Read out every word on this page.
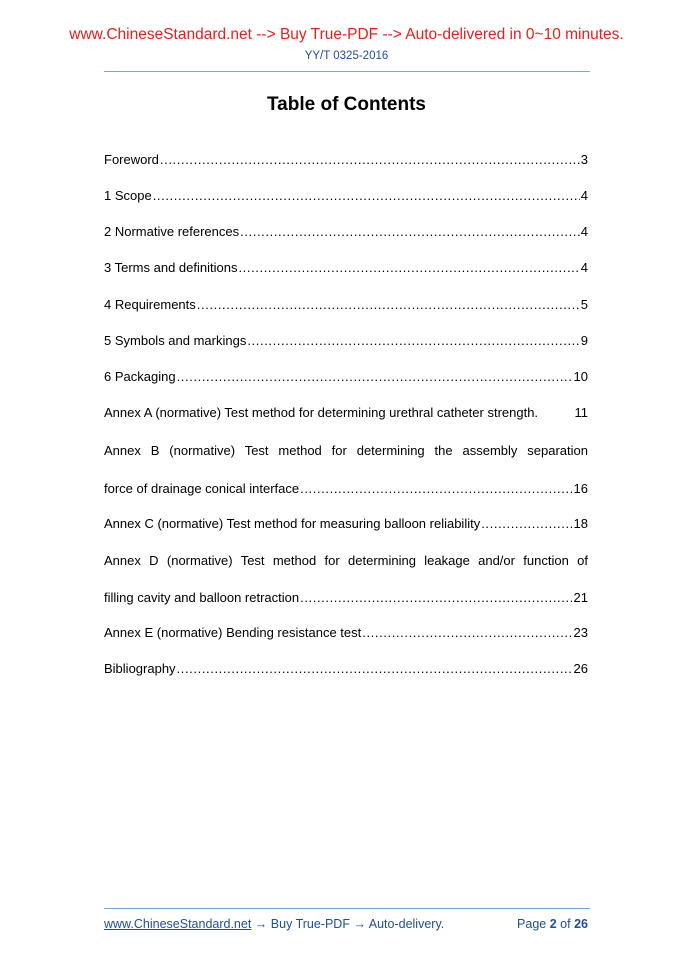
www.ChineseStandard.net --> Buy True-PDF --> Auto-delivered in 0~10 minutes.
YY/T 0325-2016
Table of Contents
Foreword .....	3
1 Scope .....	4
2 Normative references .....	4
3 Terms and definitions .....	4
4 Requirements .....	5
5 Symbols and markings .....	9
6 Packaging .....	10
Annex A (normative) Test method for determining urethral catheter strength.	11
Annex B (normative) Test method for determining the assembly separation
force of drainage conical interface .....	16
Annex C (normative) Test method for measuring balloon reliability .....	18
Annex D (normative) Test method for determining leakage and/or function of
filling cavity and balloon retraction .....	21
Annex E (normative) Bending resistance test .....	23
Bibliography .....	26
www.ChineseStandard.net → Buy True-PDF → Auto-delivery.	Page 2 of 26
